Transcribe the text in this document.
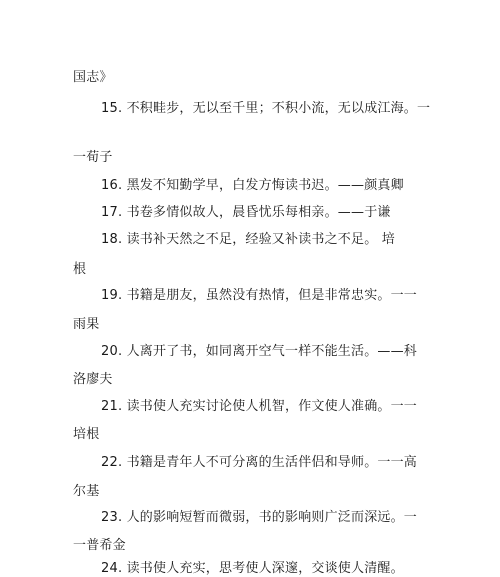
国志》
15. 不积畦步，无以至千里；不积小流，无以成江海。一
一荀子
16. 黑发不知勤学早，白发方悔读书迟。——颜真卿
17. 书卷多情似故人，晨昏忧乐每相亲。——于谦
18. 读书补天然之不足，经验又补读书之不足。 培
根
19. 书籍是朋友，虽然没有热情，但是非常忠实。一一
雨果
20. 人离开了书，如同离开空气一样不能生活。——科
洛廖夫
21. 读书使人充实讨论使人机智，作文使人准确。一一
培根
22. 书籍是青年人不可分离的生活伴侣和导师。一一高
尔基
23. 人的影响短暂而微弱，书的影响则广泛而深远。一
一普希金
24. 读书使人充实，思考使人深邃，交谈使人清醒。
